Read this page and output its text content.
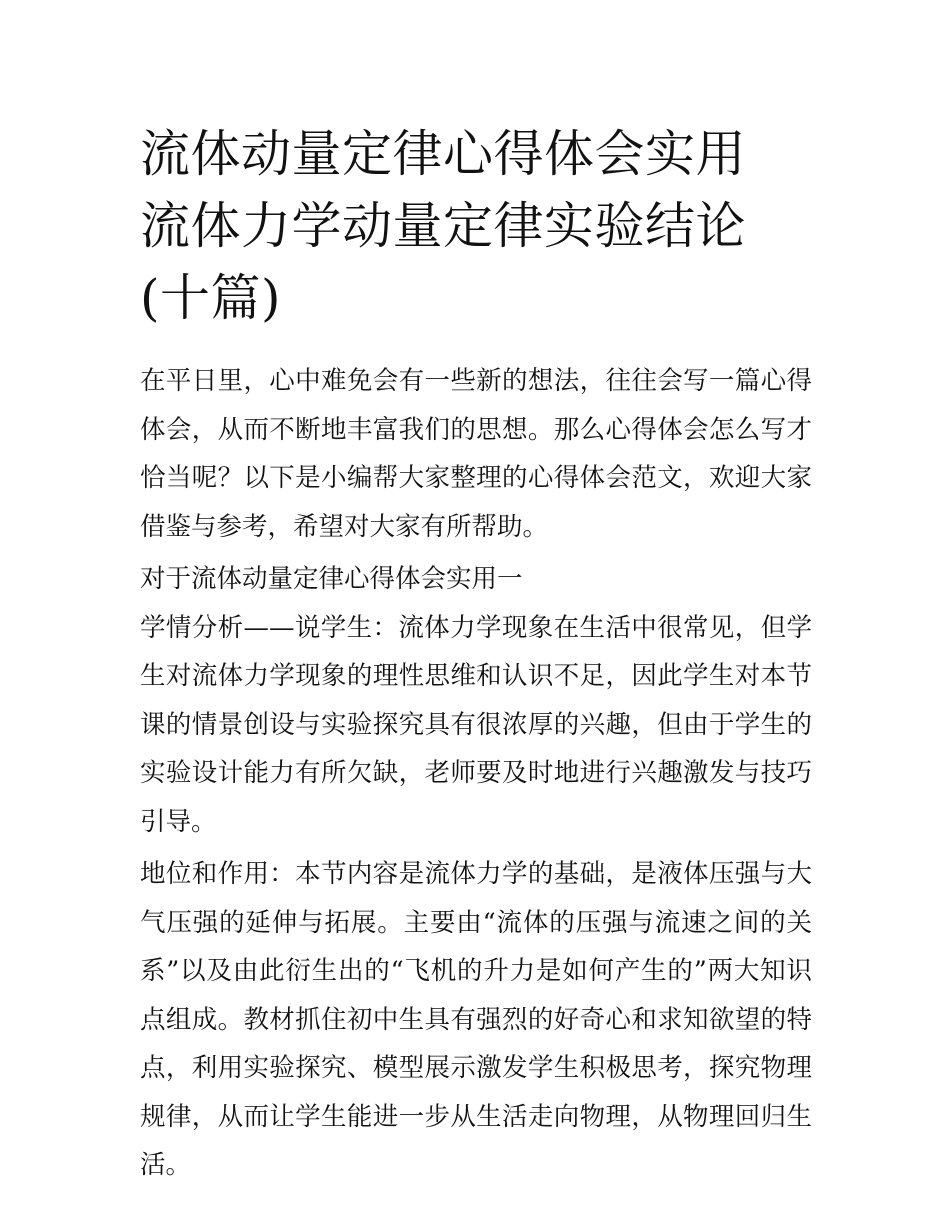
流体动量定律心得体会实用 流体力学动量定律实验结论(十篇)

在平日里，心中难免会有一些新的想法，往往会写一篇心得体会，从而不断地丰富我们的思想。那么心得体会怎么写才恰当呢？以下是小编帮大家整理的心得体会范文，欢迎大家借鉴与参考，希望对大家有所帮助。

对于流体动量定律心得体会实用一

学情分析——说学生：流体力学现象在生活中很常见，但学生对流体力学现象的理性思维和认识不足，因此学生对本节课的情景创设与实验探究具有很浓厚的兴趣，但由于学生的实验设计能力有所欠缺，老师要及时地进行兴趣激发与技巧引导。

地位和作用：本节内容是流体力学的基础，是液体压强与大气压强的延伸与拓展。主要由“流体的压强与流速之间的关系”以及由此衍生出的“飞机的升力是如何产生的”两大知识点组成。教材抓住初中生具有强烈的好奇心和求知欲望的特点，利用实验探究、模型展示激发学生积极思考，探究物理规律，从而让学生能进一步从生活走向物理，从物理回归生活。
